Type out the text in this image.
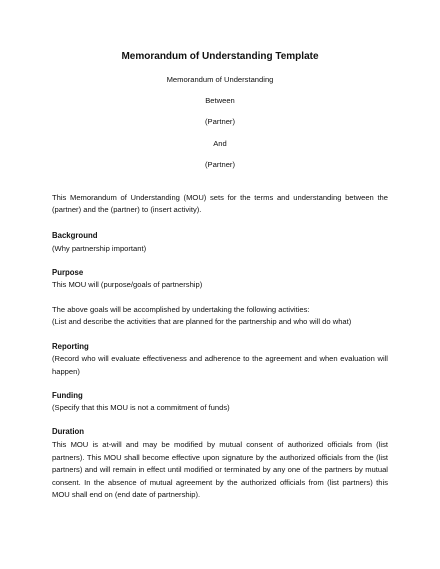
Memorandum of Understanding Template
Memorandum of Understanding
Between
(Partner)
And
(Partner)

This Memorandum of Understanding (MOU) sets for the terms and understanding between the (partner) and the (partner) to (insert activity).

Background

(Why partnership important)

Purpose

This MOU will (purpose/goals of partnership)

The above goals will be accomplished by undertaking the following activities:

(List and describe the activities that are planned for the partnership and who will do what)

Reporting

(Record who will evaluate effectiveness and adherence to the agreement and when evaluation will happen)

Funding

(Specify that this MOU is not a commitment of funds)

Duration

This MOU is at-will and may be modified by mutual consent of authorized officials from (list partners). This MOU shall become effective upon signature by the authorized officials from the (list partners) and will remain in effect until modified or terminated by any one of the partners by mutual consent. In the absence of mutual agreement by the authorized officials from (list partners) this MOU shall end on (end date of partnership).
